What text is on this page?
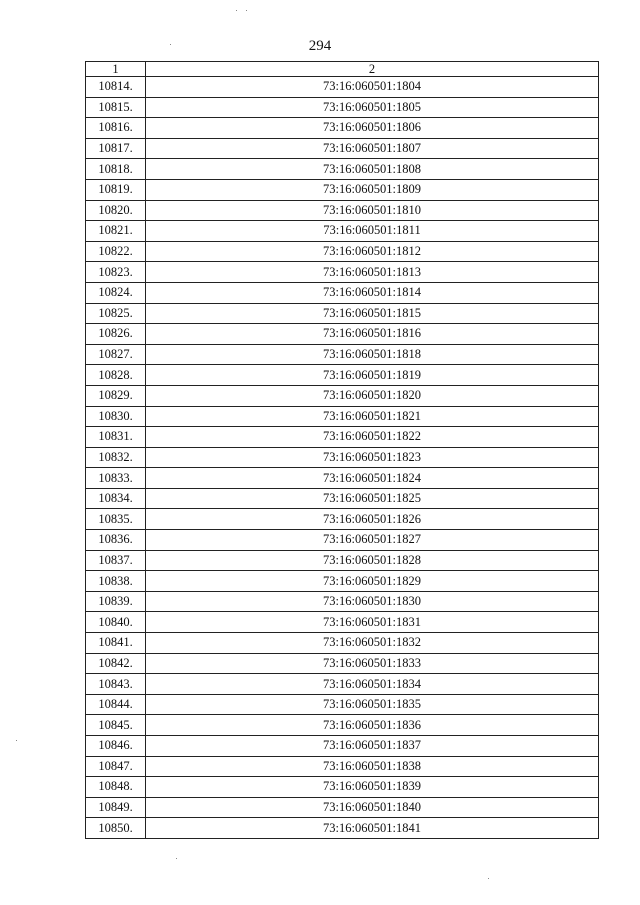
294
1	2
10814.	73:16:060501:1804
10815.	73:16:060501:1805
10816.	73:16:060501:1806
10817.	73:16:060501:1807
10818.	73:16:060501:1808
10819.	73:16:060501:1809
10820.	73:16:060501:1810
10821.	73:16:060501:1811
10822.	73:16:060501:1812
10823.	73:16:060501:1813
10824.	73:16:060501:1814
10825.	73:16:060501:1815
10826.	73:16:060501:1816
10827.	73:16:060501:1818
10828.	73:16:060501:1819
10829.	73:16:060501:1820
10830.	73:16:060501:1821
10831.	73:16:060501:1822
10832.	73:16:060501:1823
10833.	73:16:060501:1824
10834.	73:16:060501:1825
10835.	73:16:060501:1826
10836.	73:16:060501:1827
10837.	73:16:060501:1828
10838.	73:16:060501:1829
10839.	73:16:060501:1830
10840.	73:16:060501:1831
10841.	73:16:060501:1832
10842.	73:16:060501:1833
10843.	73:16:060501:1834
10844.	73:16:060501:1835
10845.	73:16:060501:1836
10846.	73:16:060501:1837
10847.	73:16:060501:1838
10848.	73:16:060501:1839
10849.	73:16:060501:1840
10850.	73:16:060501:1841
